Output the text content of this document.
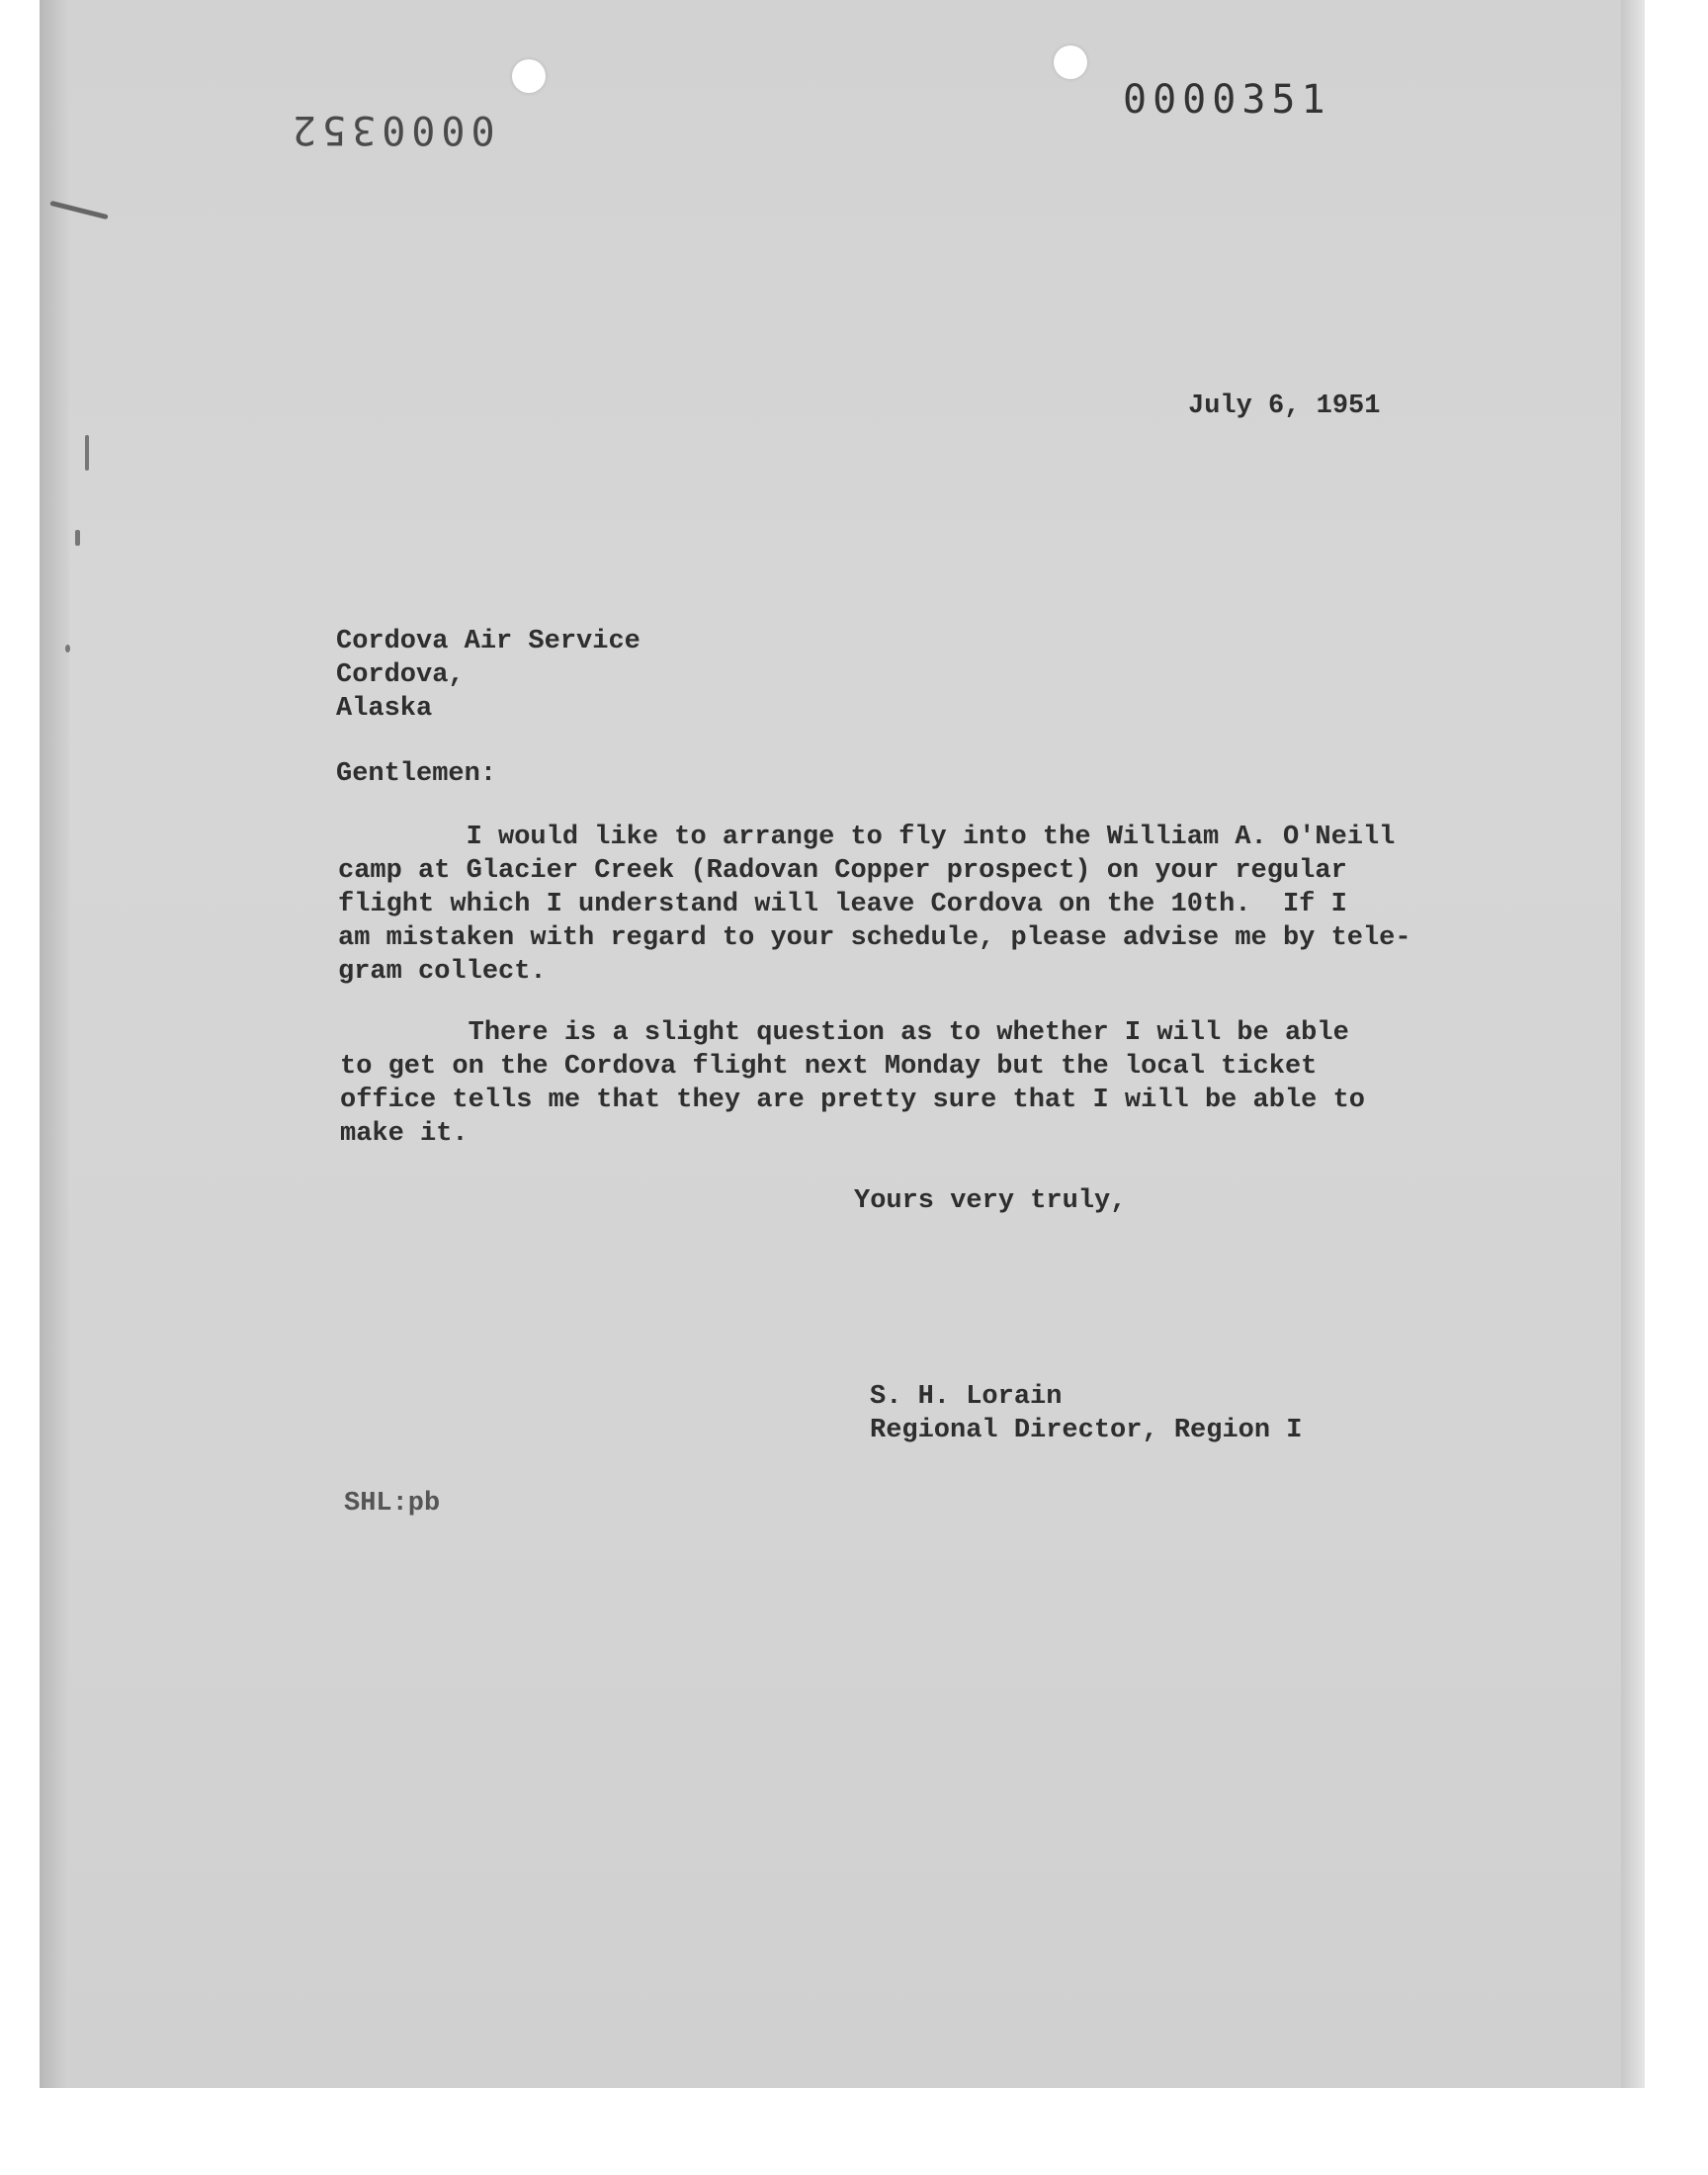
0000351
0000352
July 6, 1951
Cordova Air Service
Cordova,
Alaska
Gentlemen:
I would like to arrange to fly into the William A. O'Neill
camp at Glacier Creek (Radovan Copper prospect) on your regular
flight which I understand will leave Cordova on the 10th.  If I
am mistaken with regard to your schedule, please advise me by tele-
gram collect.
There is a slight question as to whether I will be able
to get on the Cordova flight next Monday but the local ticket
office tells me that they are pretty sure that I will be able to
make it.
Yours very truly,
S. H. Lorain
Regional Director, Region I
SHL:pb
